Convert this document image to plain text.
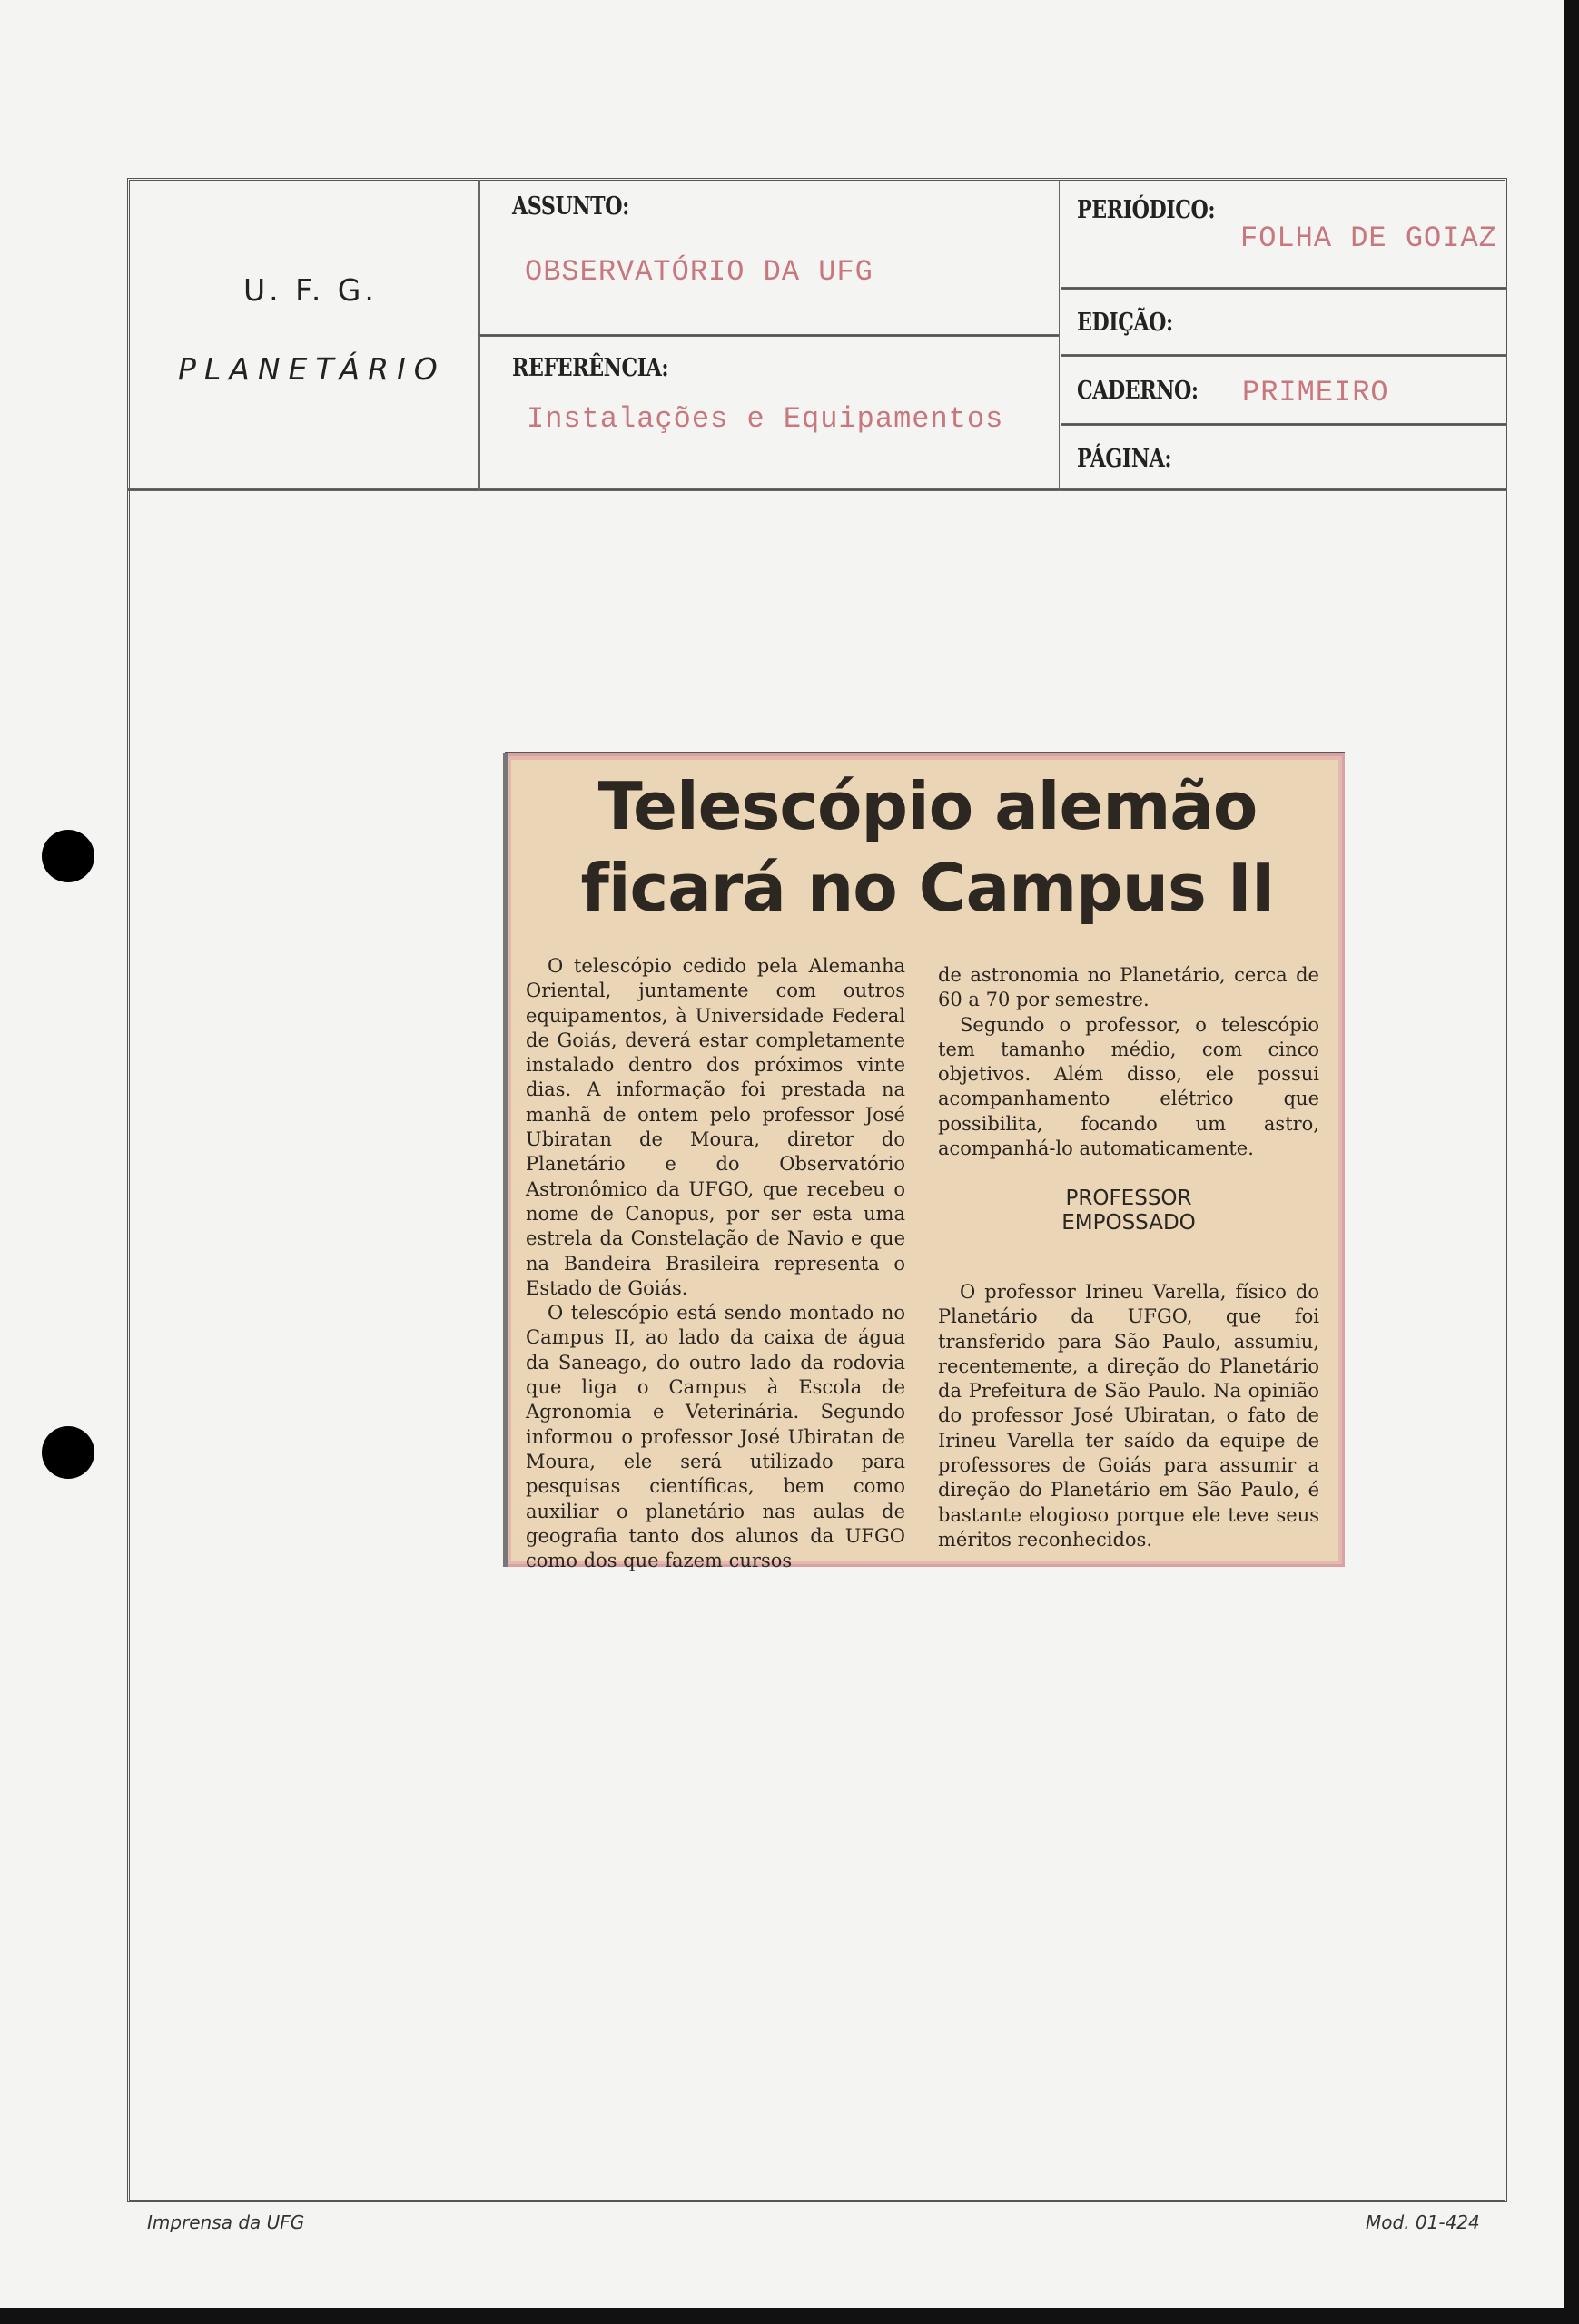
U. F. G.
PLANETÁRIO
ASSUNTO:
OBSERVATÓRIO DA UFG
REFERÊNCIA:
Instalações e Equipamentos
PERIÓDICO:
FOLHA DE GOIAZ
EDIÇÃO:
CADERNO: PRIMEIRO
PÁGINA:
Telescópio alemão
ficará no Campus II

O telescópio cedido pela Alemanha Oriental, juntamente com outros equipamentos, à Universidade Federal de Goiás, deverá estar completamente instalado dentro dos próximos vinte dias. A informação foi prestada na manhã de ontem pelo professor José Ubiratan de Moura, diretor do Planetário e do Observatório Astronômico da UFGO, que recebeu o nome de Canopus, por ser esta uma estrela da Constelação de Navio e que na Bandeira Brasileira representa o Estado de Goiás.

O telescópio está sendo montado no Campus II, ao lado da caixa de água da Saneago, do outro lado da rodovia que liga o Campus à Escola de Agronomia e Veterinária. Segundo informou o professor José Ubiratan de Moura, ele será utilizado para pesquisas científicas, bem como auxiliar o planetário nas aulas de geografia tanto dos alunos da UFGO como dos que fazem cursos

de astronomia no Planetário, cerca de 60 a 70 por semestre.

Segundo o professor, o telescópio tem tamanho médio, com cinco objetivos. Além disso, ele possui acompanhamento elétrico que possibilita, focando um astro, acompanhá-lo automaticamente.

PROFESSOR
EMPOSSADO

O professor Irineu Varella, físico do Planetário da UFGO, que foi transferido para São Paulo, assumiu, recentemente, a direção do Planetário da Prefeitura de São Paulo. Na opinião do professor José Ubiratan, o fato de Irineu Varella ter saído da equipe de professores de Goiás para assumir a direção do Planetário em São Paulo, é bastante elogioso porque ele teve seus méritos reconhecidos.

Imprensa da UFG	Mod. 01-424
